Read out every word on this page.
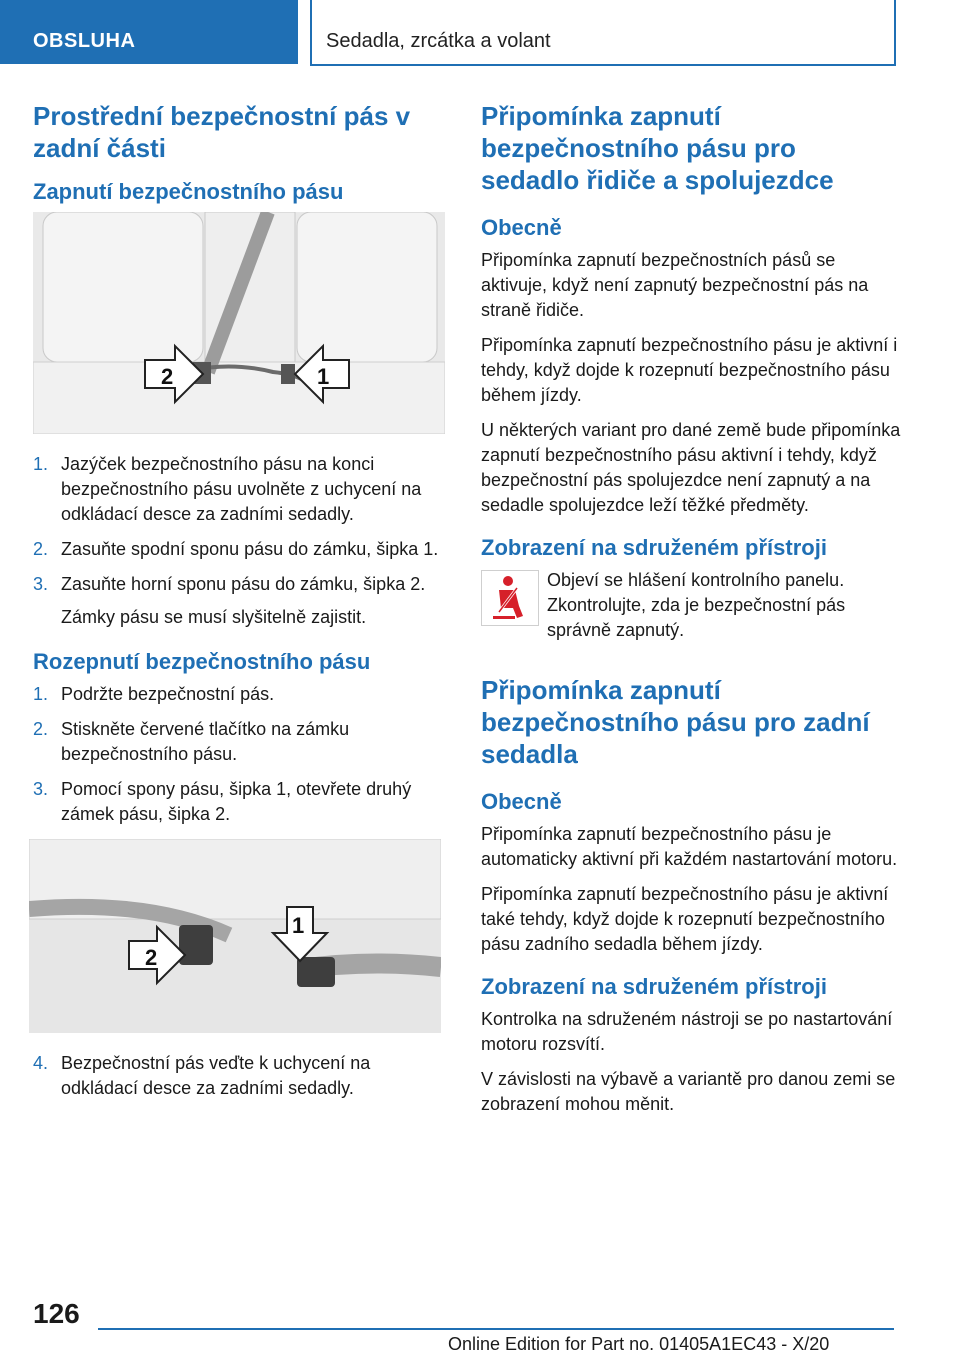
OBSLUHA	Sedadla, zrcátka a volant
Prostřední bezpečnostní pás v zadní části
Zapnutí bezpečnostního pásu
2	1
1. Jazýček bezpečnostního pásu na konci bezpečnostního pásu uvolněte z uchycení na odkládací desce za zadními sedadly.
2. Zasuňte spodní sponu pásu do zámku, šipka 1.
3. Zasuňte horní sponu pásu do zámku, šipka 2.

Zámky pásu se musí slyšitelně zajistit.

Rozepnutí bezpečnostního pásu
1. Podržte bezpečnostní pás.
2. Stiskněte červené tlačítko na zámku bezpečnostního pásu.
3. Pomocí spony pásu, šipka 1, otevřete druhý zámek pásu, šipka 2.
2
1
4. Bezpečnostní pás veďte k uchycení na odkládací desce za zadními sedadly.
Připomínka zapnutí bezpečnostního pásu pro sedadlo řidiče a spolujezdce
Obecně

Připomínka zapnutí bezpečnostních pásů se aktivuje, když není zapnutý bezpečnostní pás na straně řidiče.

Připomínka zapnutí bezpečnostního pásu je aktivní i tehdy, když dojde k rozepnutí bezpečnostního pásu během jízdy.

U některých variant pro dané země bude připomínka zapnutí bezpečnostního pásu aktivní i tehdy, když bezpečnostní pás spolujezdce není zapnutý a na sedadle spolujezdce leží těžké předměty.

Zobrazení na sdruženém přístroji

Objeví se hlášení kontrolního panelu. Zkontrolujte, zda je bezpečnostní pás správně zapnutý.

Připomínka zapnutí bezpečnostního pásu pro zadní sedadla
Obecně

Připomínka zapnutí bezpečnostního pásu je automaticky aktivní při každém nastartování motoru.

Připomínka zapnutí bezpečnostního pásu je aktivní také tehdy, když dojde k rozepnutí bezpečnostního pásu zadního sedadla během jízdy.

Zobrazení na sdruženém přístroji

Kontrolka na sdruženém nástroji se po nastartování motoru rozsvítí.

V závislosti na výbavě a variantě pro danou zemi se zobrazení mohou měnit.

126
Online Edition for Part no. 01405A1EC43 - X/20
